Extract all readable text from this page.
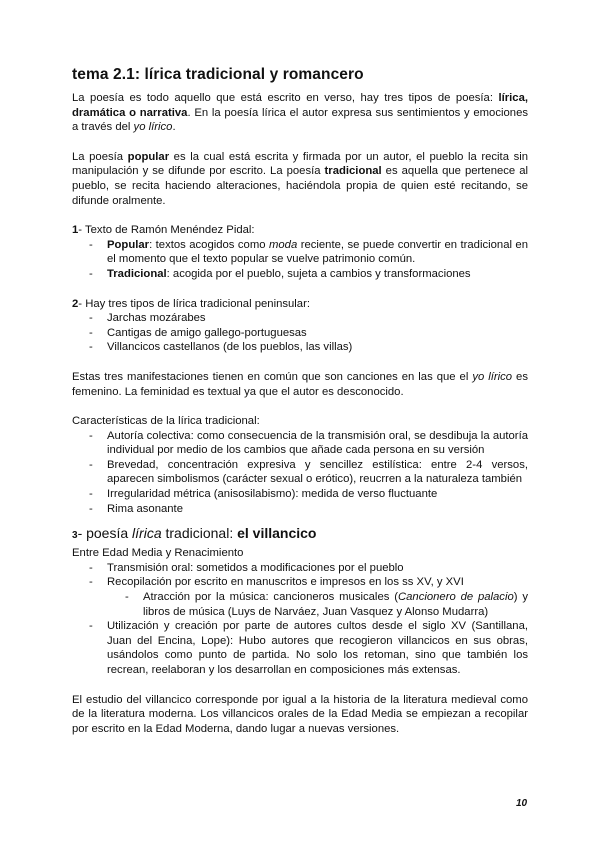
tema 2.1: lírica tradicional y romancero

La poesía es todo aquello que está escrito en verso, hay tres tipos de poesía: lírica, dramática o narrativa. En la poesía lírica el autor expresa sus sentimientos y emociones a través del yo lírico.

La poesía popular es la cual está escrita y firmada por un autor, el pueblo la recita sin manipulación y se difunde por escrito. La poesía tradicional es aquella que pertenece al pueblo, se recita haciendo alteraciones, haciéndola propia de quien esté recitando, se difunde oralmente.

1- Texto de Ramón Menéndez Pidal:

- Popular: textos acogidos como moda reciente, se puede convertir en tradicional en el momento que el texto popular se vuelve patrimonio común.
- Tradicional: acogida por el pueblo, sujeta a cambios y transformaciones

2- Hay tres tipos de lírica tradicional peninsular:

- Jarchas mozárabes
- Cantigas de amigo gallego-portuguesas
- Villancicos castellanos (de los pueblos, las villas)

Estas tres manifestaciones tienen en común que son canciones en las que el yo lírico es femenino. La feminidad es textual ya que el autor es desconocido.

Características de la lírica tradicional:

- Autoría colectiva: como consecuencia de la transmisión oral, se desdibuja la autoría individual por medio de los cambios que añade cada persona en su versión
- Brevedad, concentración expresiva y sencillez estilística: entre 2-4 versos, aparecen simbolismos (carácter sexual o erótico), reucrren a la naturaleza también
- Irregularidad métrica (anisosilabismo): medida de verso fluctuante
- Rima asonante
3- poesía lírica tradicional: el villancico

Entre Edad Media y Renacimiento

- Transmisión oral: sometidos a modificaciones por el pueblo
- Recopilación por escrito en manuscritos e impresos en los ss XV, y XVI
- Atracción por la música: cancioneros musicales (Cancionero de palacio) y libros de música (Luys de Narváez, Juan Vasquez y Alonso Mudarra)
- Utilización y creación por parte de autores cultos desde el siglo XV (Santillana, Juan del Encina, Lope): Hubo autores que recogieron villancicos en sus obras, usándolos como punto de partida. No solo los retoman, sino que también los recrean, reelaboran y los desarrollan en composiciones más extensas.

El estudio del villancico corresponde por igual a la historia de la literatura medieval como de la literatura moderna. Los villancicos orales de la Edad Media se empiezan a recopilar por escrito en la Edad Moderna, dando lugar a nuevas versiones.

10
